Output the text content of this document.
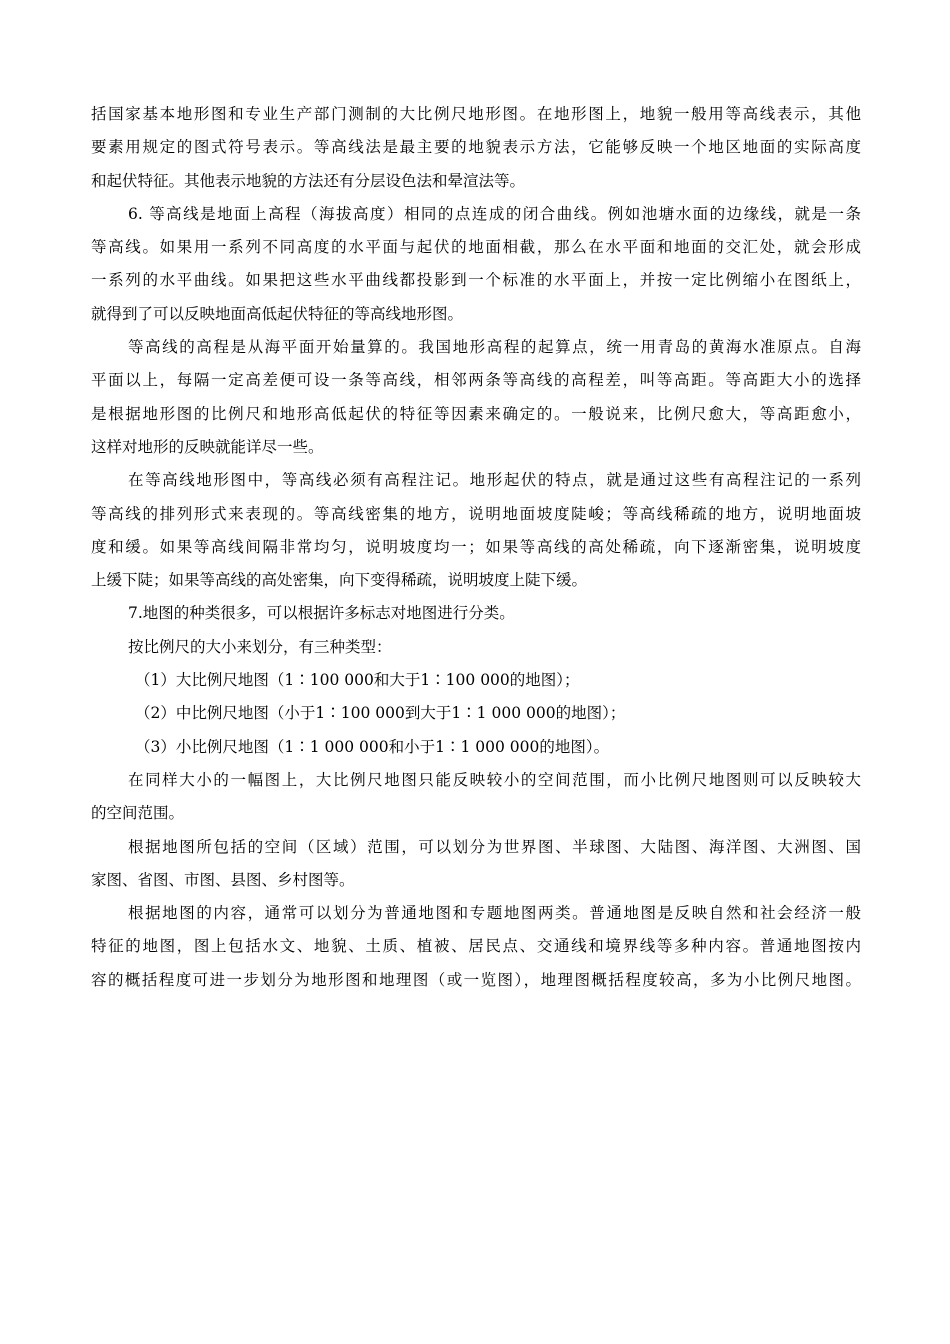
括国家基本地形图和专业生产部门测制的大比例尺地形图。在地形图上，地貌一般用等高线表示，其他
要素用规定的图式符号表示。等高线法是最主要的地貌表示方法，它能够反映一个地区地面的实际高度
和起伏特征。其他表示地貌的方法还有分层设色法和晕渲法等。
6. 等高线是地面上高程（海拔高度）相同的点连成的闭合曲线。例如池塘水面的边缘线，就是一条
等高线。如果用一系列不同高度的水平面与起伏的地面相截，那么在水平面和地面的交汇处，就会形成
一系列的水平曲线。如果把这些水平曲线都投影到一个标准的水平面上，并按一定比例缩小在图纸上，
就得到了可以反映地面高低起伏特征的等高线地形图。
等高线的高程是从海平面开始量算的。我国地形高程的起算点，统一用青岛的黄海水准原点。自海
平面以上，每隔一定高差便可设一条等高线，相邻两条等高线的高程差，叫等高距。等高距大小的选择
是根据地形图的比例尺和地形高低起伏的特征等因素来确定的。一般说来，比例尺愈大，等高距愈小，
这样对地形的反映就能详尽一些。
在等高线地形图中，等高线必须有高程注记。地形起伏的特点，就是通过这些有高程注记的一系列
等高线的排列形式来表现的。等高线密集的地方，说明地面坡度陡峻；等高线稀疏的地方，说明地面坡
度和缓。如果等高线间隔非常均匀，说明坡度均一；如果等高线的高处稀疏，向下逐渐密集，说明坡度
上缓下陡；如果等高线的高处密集，向下变得稀疏，说明坡度上陡下缓。
7.地图的种类很多，可以根据许多标志对地图进行分类。
按比例尺的大小来划分，有三种类型：
（1）大比例尺地图（1∶100 000和大于1∶100 000的地图）；
（2）中比例尺地图（小于1∶100 000到大于1∶1 000 000的地图）；
（3）小比例尺地图（1∶1 000 000和小于1∶1 000 000的地图）。
在同样大小的一幅图上，大比例尺地图只能反映较小的空间范围，而小比例尺地图则可以反映较大
的空间范围。
根据地图所包括的空间（区域）范围，可以划分为世界图、半球图、大陆图、海洋图、大洲图、国
家图、省图、市图、县图、乡村图等。
根据地图的内容，通常可以划分为普通地图和专题地图两类。普通地图是反映自然和社会经济一般
特征的地图，图上包括水文、地貌、土质、植被、居民点、交通线和境界线等多种内容。普通地图按内
容的概括程度可进一步划分为地形图和地理图（或一览图），地理图概括程度较高，多为小比例尺地图。
